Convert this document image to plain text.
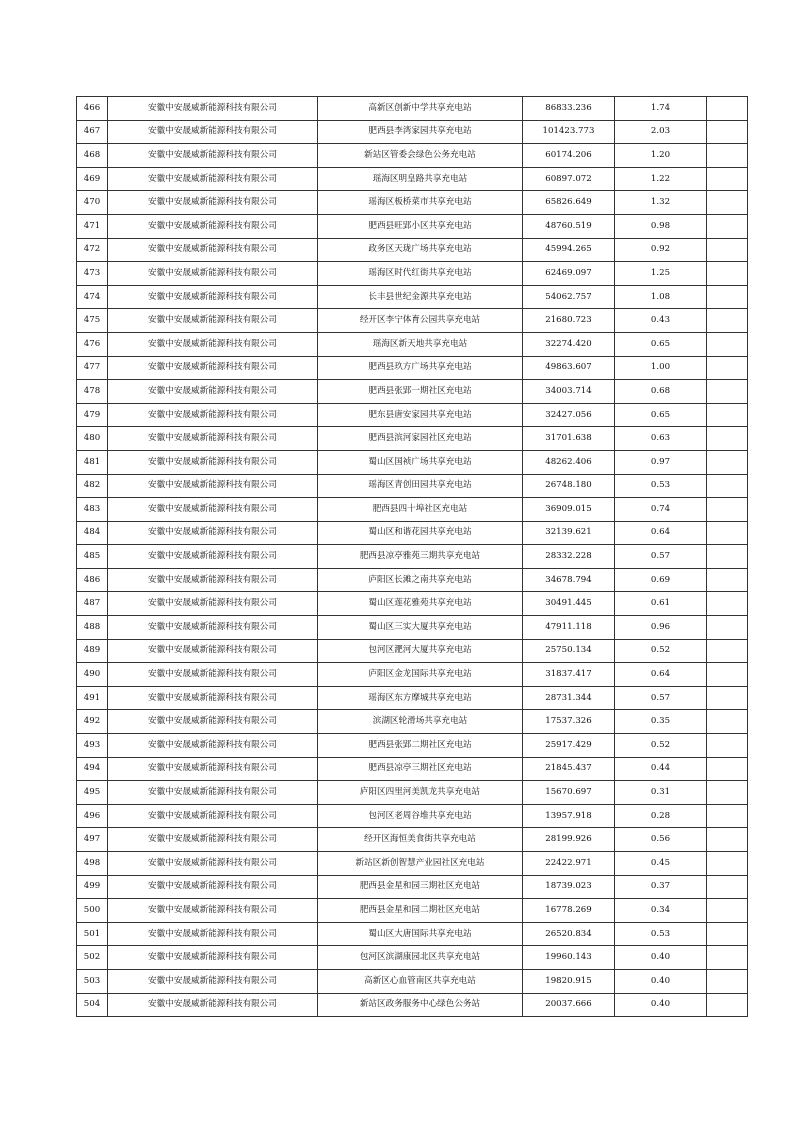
466	安徽中安晟威新能源科技有限公司	高新区创新中学共享充电站	86833.236	1.74	
467	安徽中安晟威新能源科技有限公司	肥西县李湾家园共享充电站	101423.773	2.03	
468	安徽中安晟威新能源科技有限公司	新站区管委会绿色公务充电站	60174.206	1.20	
469	安徽中安晟威新能源科技有限公司	瑶海区明皇路共享充电站	60897.072	1.22	
470	安徽中安晟威新能源科技有限公司	瑶海区板桥菜市共享充电站	65826.649	1.32	
471	安徽中安晟威新能源科技有限公司	肥西县旺郢小区共享充电站	48760.519	0.98	
472	安徽中安晟威新能源科技有限公司	政务区天珑广场共享充电站	45994.265	0.92	
473	安徽中安晟威新能源科技有限公司	瑶海区时代红街共享充电站	62469.097	1.25	
474	安徽中安晟威新能源科技有限公司	长丰县世纪金源共享充电站	54062.757	1.08	
475	安徽中安晟威新能源科技有限公司	经开区李宁体育公园共享充电站	21680.723	0.43	
476	安徽中安晟威新能源科技有限公司	瑶海区新天地共享充电站	32274.420	0.65	
477	安徽中安晟威新能源科技有限公司	肥西县玖方广场共享充电站	49863.607	1.00	
478	安徽中安晟威新能源科技有限公司	肥西县张郢一期社区充电站	34003.714	0.68	
479	安徽中安晟威新能源科技有限公司	肥东县唐安家园共享充电站	32427.056	0.65	
480	安徽中安晟威新能源科技有限公司	肥西县滨河家园社区充电站	31701.638	0.63	
481	安徽中安晟威新能源科技有限公司	蜀山区国祯广场共享充电站	48262.406	0.97	
482	安徽中安晟威新能源科技有限公司	瑶海区青创田园共享充电站	26748.180	0.53	
483	安徽中安晟威新能源科技有限公司	肥西县四十埠社区充电站	36909.015	0.74	
484	安徽中安晟威新能源科技有限公司	蜀山区和谐花园共享充电站	32139.621	0.64	
485	安徽中安晟威新能源科技有限公司	肥西县凉亭雅苑三期共享充电站	28332.228	0.57	
486	安徽中安晟威新能源科技有限公司	庐阳区长滩之南共享充电站	34678.794	0.69	
487	安徽中安晟威新能源科技有限公司	蜀山区莲花雅苑共享充电站	30491.445	0.61	
488	安徽中安晟威新能源科技有限公司	蜀山区三实大厦共享充电站	47911.118	0.96	
489	安徽中安晟威新能源科技有限公司	包河区淝河大厦共享充电站	25750.134	0.52	
490	安徽中安晟威新能源科技有限公司	庐阳区金龙国际共享充电站	31837.417	0.64	
491	安徽中安晟威新能源科技有限公司	瑶海区东方摩城共享充电站	28731.344	0.57	
492	安徽中安晟威新能源科技有限公司	滨湖区轮滑场共享充电站	17537.326	0.35	
493	安徽中安晟威新能源科技有限公司	肥西县张郢二期社区充电站	25917.429	0.52	
494	安徽中安晟威新能源科技有限公司	肥西县凉亭三期社区充电站	21845.437	0.44	
495	安徽中安晟威新能源科技有限公司	庐阳区四里河美凯龙共享充电站	15670.697	0.31	
496	安徽中安晟威新能源科技有限公司	包河区老周谷堆共享充电站	13957.918	0.28	
497	安徽中安晟威新能源科技有限公司	经开区海恒美食街共享充电站	28199.926	0.56	
498	安徽中安晟威新能源科技有限公司	新站区新创智慧产业园社区充电站	22422.971	0.45	
499	安徽中安晟威新能源科技有限公司	肥西县金星和园三期社区充电站	18739.023	0.37	
500	安徽中安晟威新能源科技有限公司	肥西县金星和园二期社区充电站	16778.269	0.34	
501	安徽中安晟威新能源科技有限公司	蜀山区大唐国际共享充电站	26520.834	0.53	
502	安徽中安晟威新能源科技有限公司	包河区滨湖康园北区共享充电站	19960.143	0.40	
503	安徽中安晟威新能源科技有限公司	高新区心血管南区共享充电站	19820.915	0.40	
504	安徽中安晟威新能源科技有限公司	新站区政务服务中心绿色公务站	20037.666	0.40	
